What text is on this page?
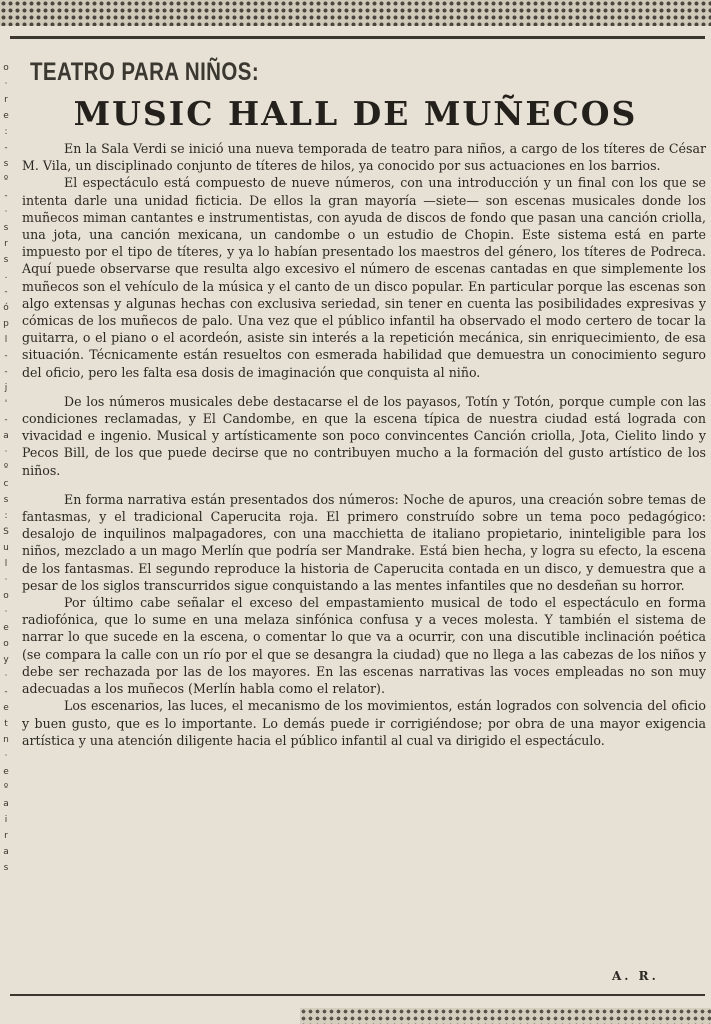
o
·
r
e
:
-
s
º
-
·
s
r
s
.
-
ó
p
l
-
-
j
'
-
a
·
º
c
s
:
S
u
l
·
o
·
e
o
y
·
-
e
t
n
·
e
º
a
i
r
a
s

TEATRO PARA NIÑOS:
MUSIC HALL DE MUÑECOS

En la Sala Verdi se inició una nueva temporada de teatro para niños, a cargo de los títeres de César M. Vila, un disciplinado conjunto de títeres de hilos, ya conocido por sus actuaciones en los barrios.

El espectáculo está compuesto de nueve números, con una introducción y un final con los que se intenta darle una unidad ficticia. De ellos la gran mayoría —siete— son escenas musicales donde los muñecos miman cantantes e instrumentistas, con ayuda de discos de fondo que pasan una canción criolla, una jota, una canción mexicana, un candombe o un estudio de Chopin. Este sistema está en parte impuesto por el tipo de títeres, y ya lo habían presentado los maestros del género, los títeres de Podreca. Aquí puede observarse que resulta algo excesivo el número de escenas cantadas en que simplemente los muñecos son el vehículo de la música y el canto de un disco popular. En particular porque las escenas son algo extensas y algunas hechas con exclusiva seriedad, sin tener en cuenta las posibilidades expresivas y cómicas de los muñecos de palo. Una vez que el público infantil ha observado el modo certero de tocar la guitarra, o el piano o el acordeón, asiste sin interés a la repetición mecánica, sin enriquecimiento, de esa situación. Técnicamente están resueltos con esmerada habilidad que demuestra un conocimiento seguro del oficio, pero les falta esa dosis de imaginación que conquista al niño.

De los números musicales debe destacarse el de los payasos, Totín y Totón, porque cumple con las condiciones reclamadas, y El Candombe, en que la escena típica de nuestra ciudad está lograda con vivacidad e ingenio. Musical y artísticamente son poco convincentes Canción criolla, Jota, Cielito lindo y Pecos Bill, de los que puede decirse que no contribuyen mucho a la formación del gusto artístico de los niños.

En forma narrativa están presentados dos números: Noche de apuros, una creación sobre temas de fantasmas, y el tradicional Caperucita roja. El primero construído sobre un tema poco pedagógico: desalojo de inquilinos malpagadores, con una macchietta de italiano propietario, ininteligible para los niños, mezclado a un mago Merlín que podría ser Mandrake. Está bien hecha, y logra su efecto, la escena de los fantasmas. El segundo reproduce la historia de Caperucita contada en un disco, y demuestra que a pesar de los siglos transcurridos sigue conquistando a las mentes infantiles que no desdeñan su horror.

Por último cabe señalar el exceso del empastamiento musical de todo el espectáculo en forma radiofónica, que lo sume en una melaza sinfónica confusa y a veces molesta. Y también el sistema de narrar lo que sucede en la escena, o comentar lo que va a ocurrir, con una discutible inclinación poética (se compara la calle con un río por el que se desangra la ciudad) que no llega a las cabezas de los niños y debe ser rechazada por las de los mayores. En las escenas narrativas las voces empleadas no son muy adecuadas a los muñecos (Merlín habla como el relator).

Los escenarios, las luces, el mecanismo de los movimientos, están logrados con solvencia del oficio y buen gusto, que es lo importante. Lo demás puede ir corrigiéndose; por obra de una mayor exigencia artística y una atención diligente hacia el público infantil al cual va dirigido el espectáculo.

A. R.
